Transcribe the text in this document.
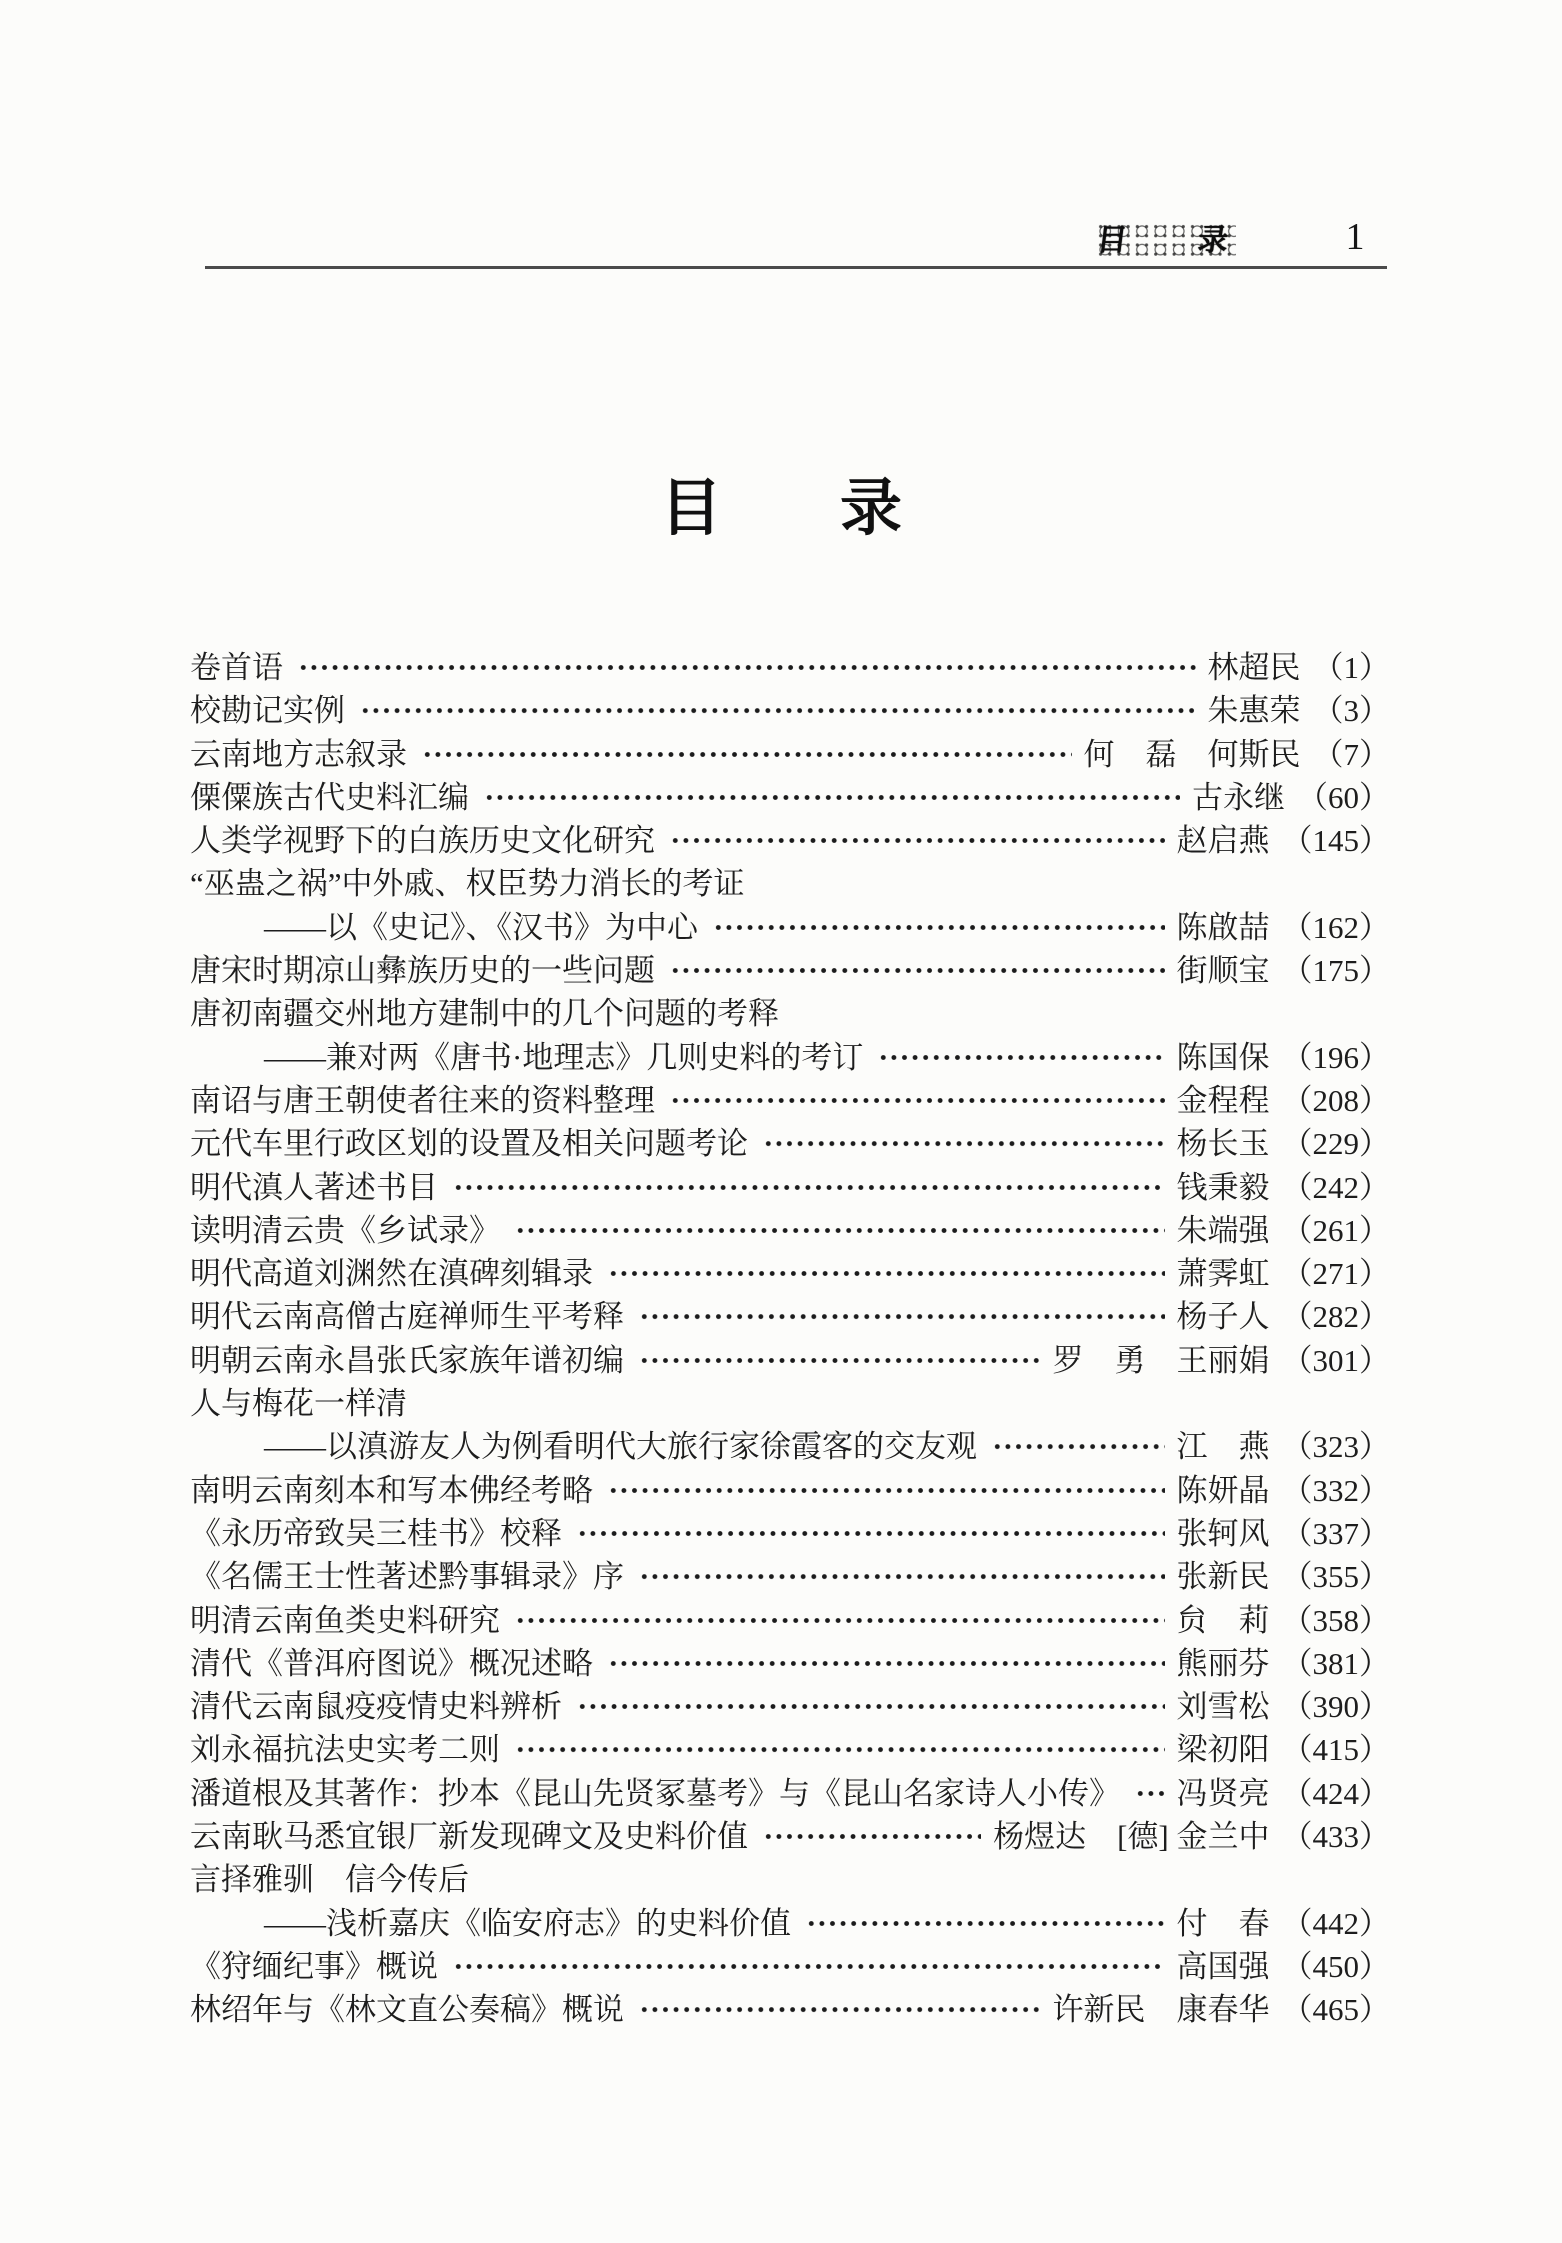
目 录	1
目 录
卷首语	林超民 （1）
校勘记实例	朱惠荣 （3）
云南地方志叙录	何　磊　何斯民 （7）
傈僳族古代史料汇编	古永继 （60）
人类学视野下的白族历史文化研究	赵启燕 （145）
“巫蛊之祸”中外戚、权臣势力消长的考证
——以《史记》、《汉书》为中心	陈啟喆 （162）
唐宋时期凉山彝族历史的一些问题	街顺宝 （175）
唐初南疆交州地方建制中的几个问题的考释
——兼对两《唐书·地理志》几则史料的考订	陈国保 （196）
南诏与唐王朝使者往来的资料整理	金程程 （208）
元代车里行政区划的设置及相关问题考论	杨长玉 （229）
明代滇人著述书目	钱秉毅 （242）
读明清云贵《乡试录》	朱端强 （261）
明代高道刘渊然在滇碑刻辑录	萧霁虹 （271）
明代云南高僧古庭禅师生平考释	杨子人 （282）
明朝云南永昌张氏家族年谱初编	罗　勇　王丽娟 （301）
人与梅花一样清
——以滇游友人为例看明代大旅行家徐霞客的交友观	江　燕 （323）
南明云南刻本和写本佛经考略	陈妍晶 （332）
《永历帝致吴三桂书》校释	张轲风 （337）
《名儒王士性著述黔事辑录》序	张新民 （355）
明清云南鱼类史料研究	贠　莉 （358）
清代《普洱府图说》概况述略	熊丽芬 （381）
清代云南鼠疫疫情史料辨析	刘雪松 （390）
刘永福抗法史实考二则	梁初阳 （415）
潘道根及其著作：抄本《昆山先贤冢墓考》与《昆山名家诗人小传》 冯贤亮 （424）
云南耿马悉宜银厂新发现碑文及史料价值	杨煜达　[德] 金兰中 （433）
言择雅驯　信今传后
——浅析嘉庆《临安府志》的史料价值	付　春 （442）
《狩缅纪事》概说	高国强 （450）
林绍年与《林文直公奏稿》概说	许新民　康春华 （465）
